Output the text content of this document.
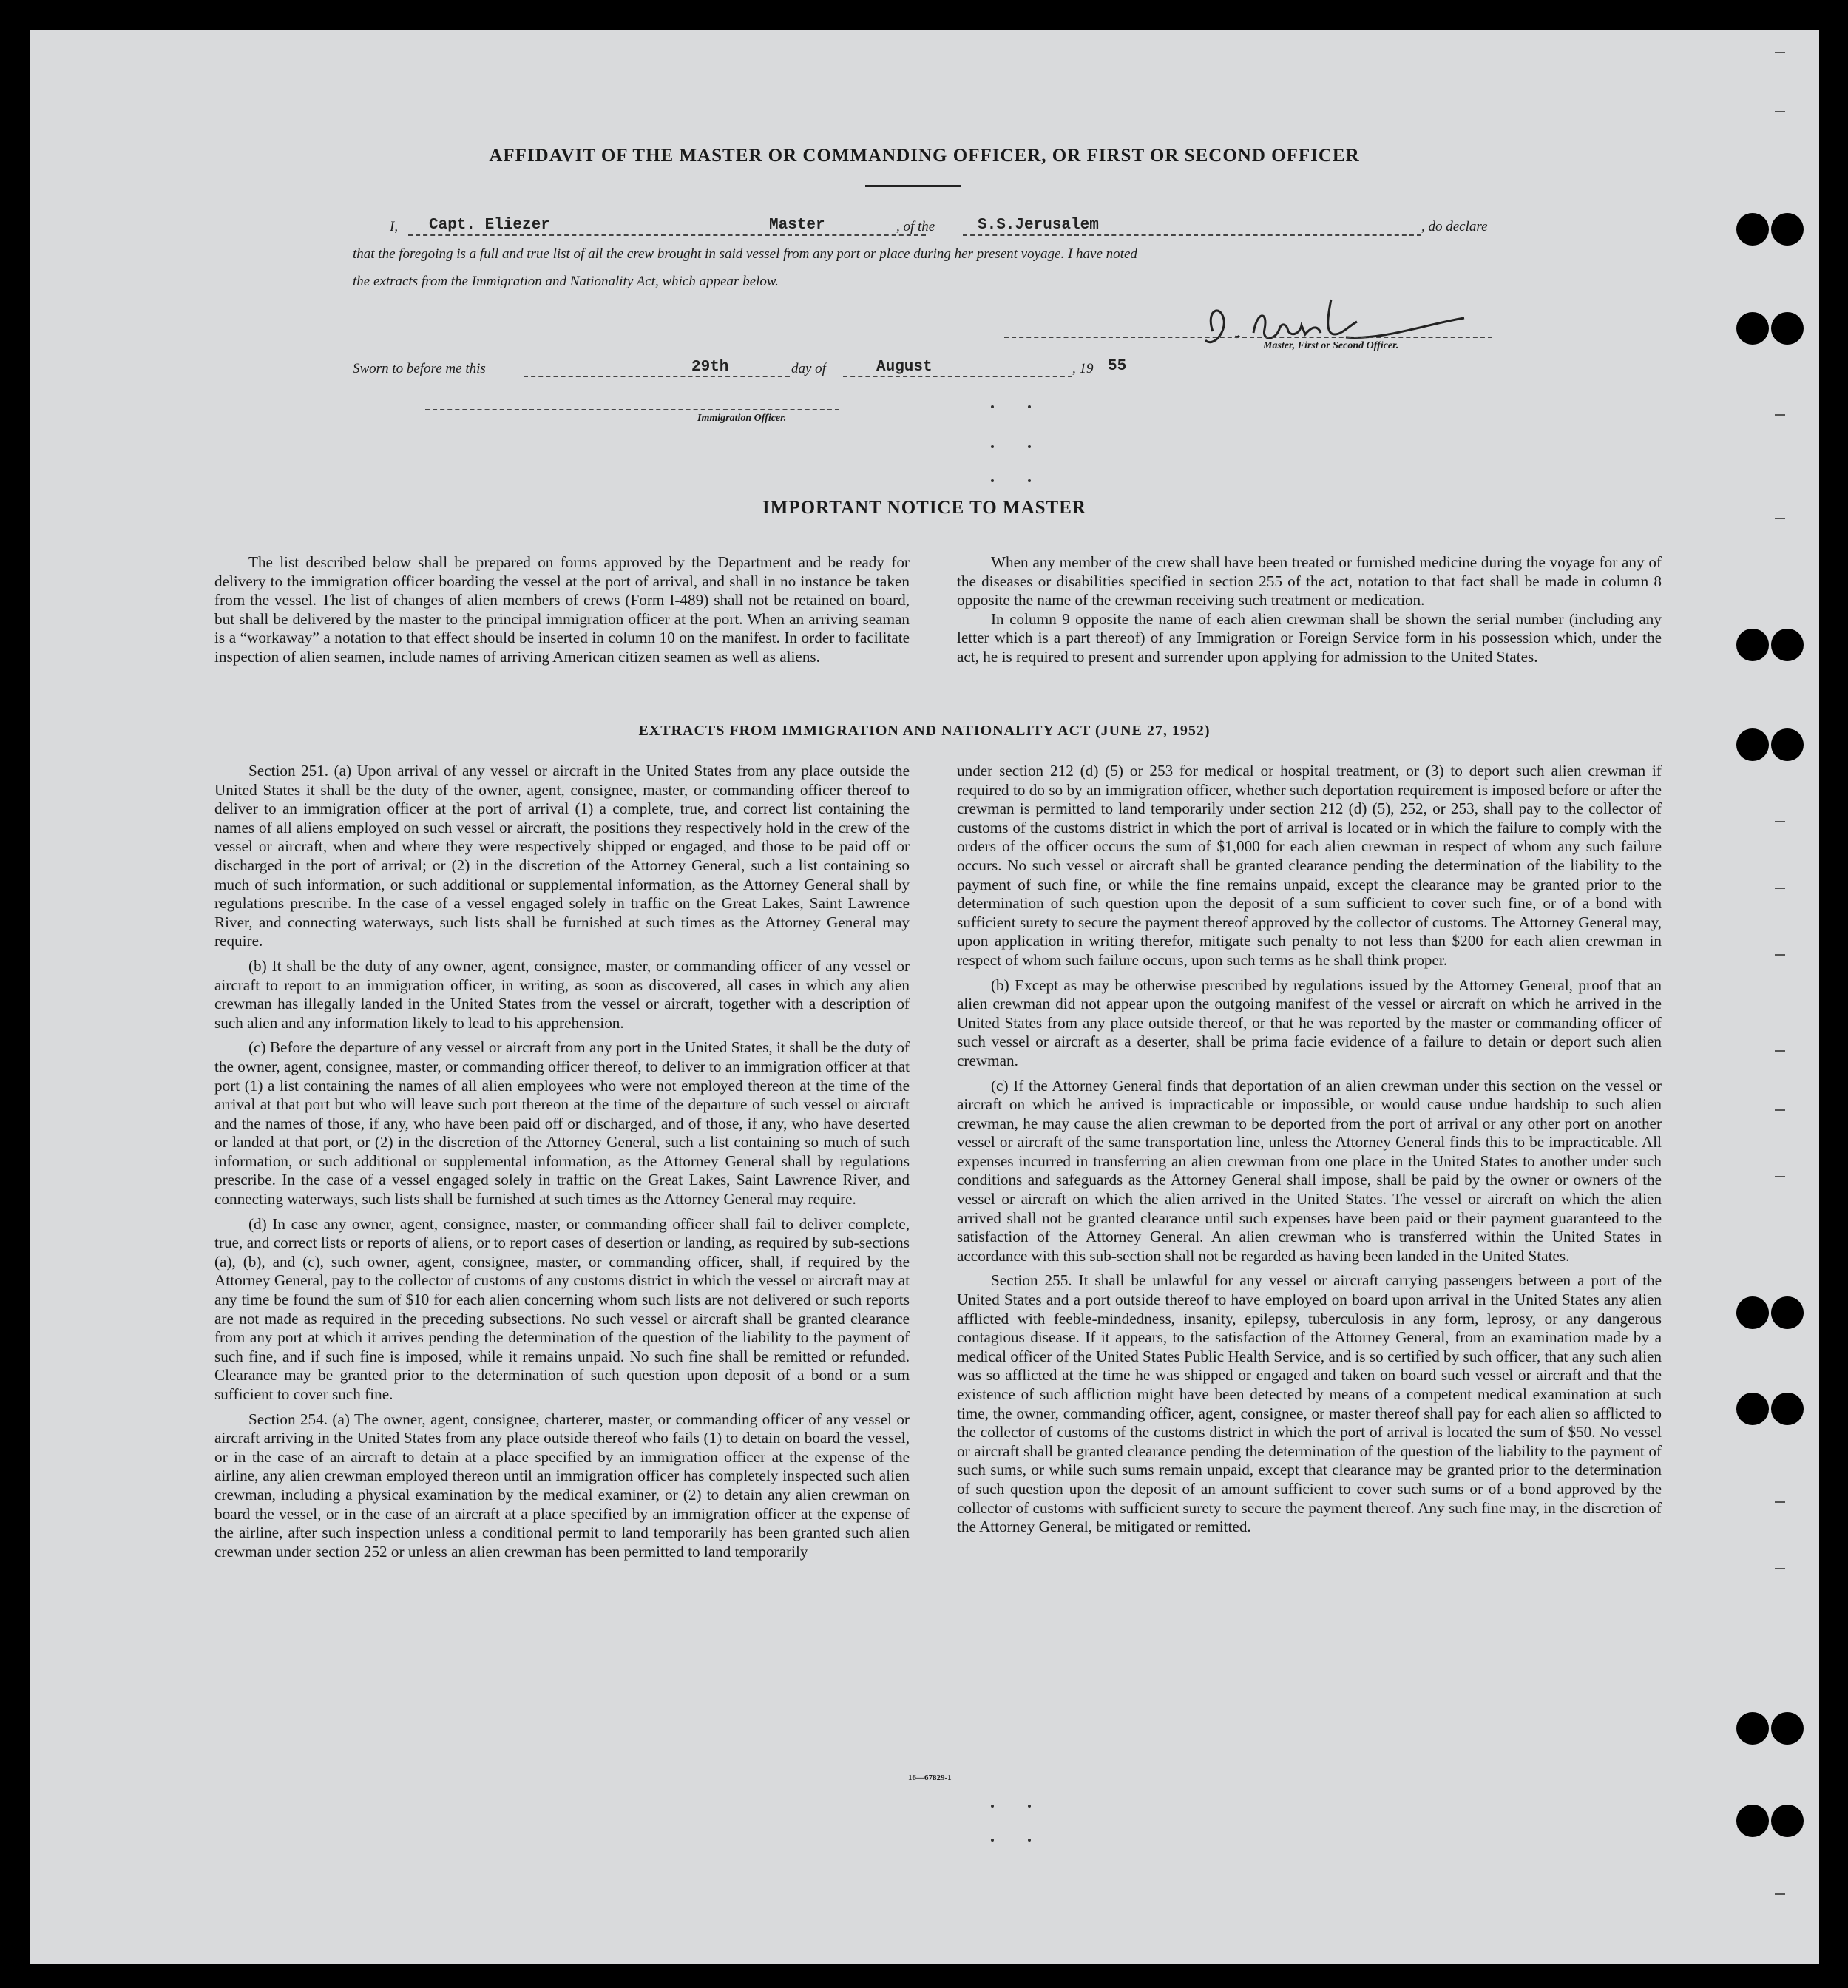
AFFIDAVIT OF THE MASTER OR COMMANDING OFFICER, OR FIRST OR SECOND OFFICER
I, Capt. Eliezer	Master	, of the	S.S.Jerusalem	, do declare
that the foregoing is a full and true list of all the crew brought in said vessel from any port or place during her present voyage. I have noted
the extracts from the Immigration and Nationality Act, which appear below.
Master, First or Second Officer.
Sworn to before me this	29th	day of	August	, 19 55
Immigration Officer.
IMPORTANT NOTICE TO MASTER

The list described below shall be prepared on forms approved by the Department and be ready for delivery to the immigration officer boarding the vessel at the port of arrival, and shall in no instance be taken from the vessel. The list of changes of alien members of crews (Form I-489) shall not be retained on board, but shall be delivered by the master to the principal immigration officer at the port. When an arriving seaman is a “workaway” a notation to that effect should be inserted in column 10 on the manifest. In order to facilitate inspection of alien seamen, include names of arriving American citizen seamen as well as aliens.

When any member of the crew shall have been treated or furnished medicine during the voyage for any of the diseases or disabilities specified in section 255 of the act, notation to that fact shall be made in column 8 opposite the name of the crewman receiving such treatment or medication.

In column 9 opposite the name of each alien crewman shall be shown the serial number (including any letter which is a part thereof) of any Immigration or Foreign Service form in his possession which, under the act, he is required to present and surrender upon applying for admission to the United States.

EXTRACTS FROM IMMIGRATION AND NATIONALITY ACT (JUNE 27, 1952)

Section 251. (a) Upon arrival of any vessel or aircraft in the United States from any place outside the United States it shall be the duty of the owner, agent, consignee, master, or commanding officer thereof to deliver to an immigration officer at the port of arrival (1) a complete, true, and correct list containing the names of all aliens employed on such vessel or aircraft, the positions they respectively hold in the crew of the vessel or aircraft, when and where they were respectively shipped or engaged, and those to be paid off or discharged in the port of arrival; or (2) in the discretion of the Attorney General, such a list containing so much of such information, or such additional or supplemental information, as the Attorney General shall by regulations prescribe. In the case of a vessel engaged solely in traffic on the Great Lakes, Saint Lawrence River, and connecting waterways, such lists shall be furnished at such times as the Attorney General may require.

(b) It shall be the duty of any owner, agent, consignee, master, or commanding officer of any vessel or aircraft to report to an immigration officer, in writing, as soon as discovered, all cases in which any alien crewman has illegally landed in the United States from the vessel or aircraft, together with a description of such alien and any information likely to lead to his apprehension.

(c) Before the departure of any vessel or aircraft from any port in the United States, it shall be the duty of the owner, agent, consignee, master, or commanding officer thereof, to deliver to an immigration officer at that port (1) a list containing the names of all alien employees who were not employed thereon at the time of the arrival at that port but who will leave such port thereon at the time of the departure of such vessel or aircraft and the names of those, if any, who have been paid off or discharged, and of those, if any, who have deserted or landed at that port, or (2) in the discretion of the Attorney General, such a list containing so much of such information, or such additional or supplemental information, as the Attorney General shall by regulations prescribe. In the case of a vessel engaged solely in traffic on the Great Lakes, Saint Lawrence River, and connecting waterways, such lists shall be furnished at such times as the Attorney General may require.

(d) In case any owner, agent, consignee, master, or commanding officer shall fail to deliver complete, true, and correct lists or reports of aliens, or to report cases of desertion or landing, as required by sub-sections (a), (b), and (c), such owner, agent, consignee, master, or commanding officer, shall, if required by the Attorney General, pay to the collector of customs of any customs district in which the vessel or aircraft may at any time be found the sum of $10 for each alien concerning whom such lists are not delivered or such reports are not made as required in the preceding subsections. No such vessel or aircraft shall be granted clearance from any port at which it arrives pending the determination of the question of the liability to the payment of such fine, and if such fine is imposed, while it remains unpaid. No such fine shall be remitted or refunded. Clearance may be granted prior to the determination of such question upon deposit of a bond or a sum sufficient to cover such fine.

Section 254. (a) The owner, agent, consignee, charterer, master, or commanding officer of any vessel or aircraft arriving in the United States from any place outside thereof who fails (1) to detain on board the vessel, or in the case of an aircraft to detain at a place specified by an immigration officer at the expense of the airline, any alien crewman employed thereon until an immigration officer has completely inspected such alien crewman, including a physical examination by the medical examiner, or (2) to detain any alien crewman on board the vessel, or in the case of an aircraft at a place specified by an immigration officer at the expense of the airline, after such inspection unless a conditional permit to land temporarily has been granted such alien crewman under section 252 or unless an alien crewman has been permitted to land temporarily

under section 212 (d) (5) or 253 for medical or hospital treatment, or (3) to deport such alien crewman if required to do so by an immigration officer, whether such deportation requirement is imposed before or after the crewman is permitted to land temporarily under section 212 (d) (5), 252, or 253, shall pay to the collector of customs of the customs district in which the port of arrival is located or in which the failure to comply with the orders of the officer occurs the sum of $1,000 for each alien crewman in respect of whom any such failure occurs. No such vessel or aircraft shall be granted clearance pending the determination of the liability to the payment of such fine, or while the fine remains unpaid, except the clearance may be granted prior to the determination of such question upon the deposit of a sum sufficient to cover such fine, or of a bond with sufficient surety to secure the payment thereof approved by the collector of customs. The Attorney General may, upon application in writing therefor, mitigate such penalty to not less than $200 for each alien crewman in respect of whom such failure occurs, upon such terms as he shall think proper.

(b) Except as may be otherwise prescribed by regulations issued by the Attorney General, proof that an alien crewman did not appear upon the outgoing manifest of the vessel or aircraft on which he arrived in the United States from any place outside thereof, or that he was reported by the master or commanding officer of such vessel or aircraft as a deserter, shall be prima facie evidence of a failure to detain or deport such alien crewman.

(c) If the Attorney General finds that deportation of an alien crewman under this section on the vessel or aircraft on which he arrived is impracticable or impossible, or would cause undue hardship to such alien crewman, he may cause the alien crewman to be deported from the port of arrival or any other port on another vessel or aircraft of the same transportation line, unless the Attorney General finds this to be impracticable. All expenses incurred in transferring an alien crewman from one place in the United States to another under such conditions and safeguards as the Attorney General shall impose, shall be paid by the owner or owners of the vessel or aircraft on which the alien arrived in the United States. The vessel or aircraft on which the alien arrived shall not be granted clearance until such expenses have been paid or their payment guaranteed to the satisfaction of the Attorney General. An alien crewman who is transferred within the United States in accordance with this sub-section shall not be regarded as having been landed in the United States.

Section 255. It shall be unlawful for any vessel or aircraft carrying passengers between a port of the United States and a port outside thereof to have employed on board upon arrival in the United States any alien afflicted with feeble-mindedness, insanity, epilepsy, tuberculosis in any form, leprosy, or any dangerous contagious disease. If it appears, to the satisfaction of the Attorney General, from an examination made by a medical officer of the United States Public Health Service, and is so certified by such officer, that any such alien was so afflicted at the time he was shipped or engaged and taken on board such vessel or aircraft and that the existence of such affliction might have been detected by means of a competent medical examination at such time, the owner, commanding officer, agent, consignee, or master thereof shall pay for each alien so afflicted to the collector of customs of the customs district in which the port of arrival is located the sum of $50. No vessel or aircraft shall be granted clearance pending the determination of the question of the liability to the payment of such sums, or while such sums remain unpaid, except that clearance may be granted prior to the determination of such question upon the deposit of an amount sufficient to cover such sums or of a bond approved by the collector of customs with sufficient surety to secure the payment thereof. Any such fine may, in the discretion of the Attorney General, be mitigated or remitted.

16—67829-1
